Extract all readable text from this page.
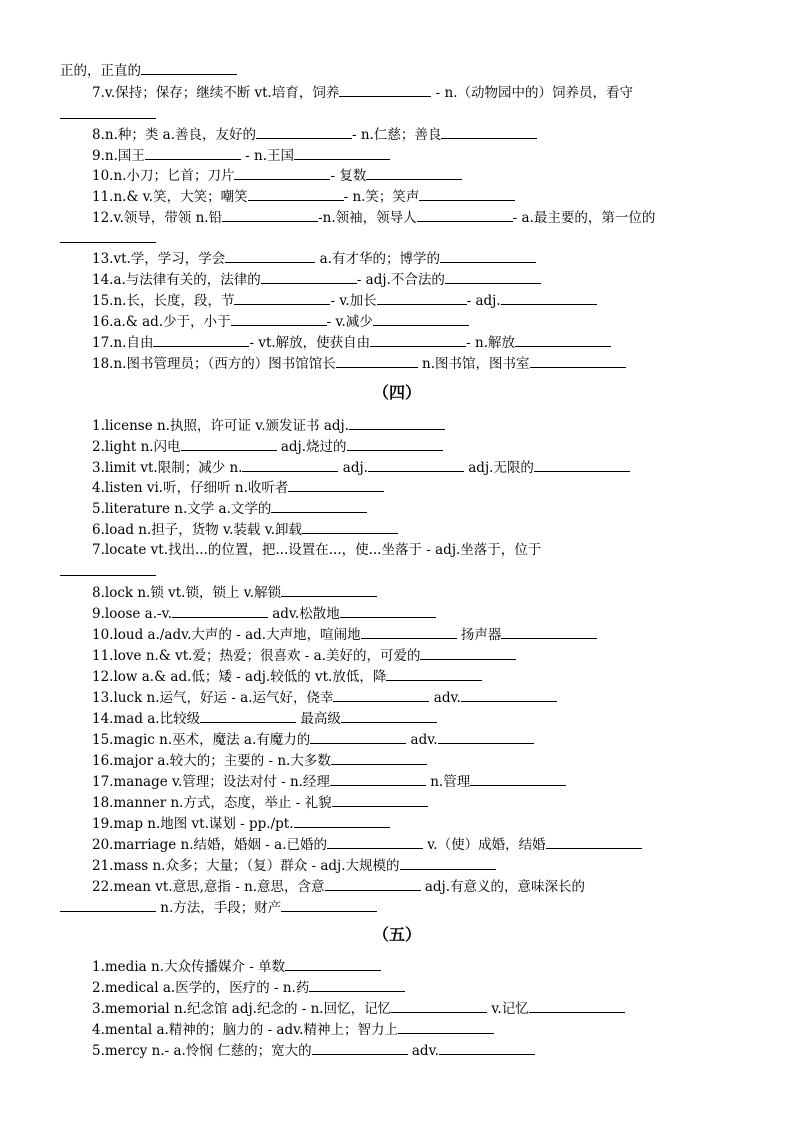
正的，正直的
7.v.保持；保存；继续不断 vt.培育，饲养	- n.（动物园中的）饲养员，看守
8.n.种；类 a.善良，友好的	- n.仁慈；善良
9.n.国王	- n.王国
10.n.小刀；匕首；刀片	- 复数
11.n.& v.笑，大笑；嘲笑	- n.笑；笑声
12.v.领导，带领 n.铅	-n.领袖，领导人	- a.最主要的，第一位的
13.vt.学，学习，学会	a.有才华的；博学的
14.a.与法律有关的，法律的	- adj.不合法的
15.n.长，长度，段，节	- v.加长	- adj.
16.a.& ad.少于，小于	- v.减少
17.n.自由	- vt.解放，使获自由	- n.解放
18.n.图书管理员；（西方的）图书馆馆长	n.图书馆，图书室
（四）
1.license n.执照，许可证 v.颁发证书 adj.
2.light n.闪电	adj.烧过的
3.limit vt.限制；减少 n.	adj.	adj.无限的
4.listen vi.听，仔细听 n.收听者
5.literature n.文学 a.文学的
6.load n.担子，货物 v.装载 v.卸载
7.locate vt.找出...的位置，把...设置在...，使...坐落于 - adj.坐落于，位于
8.lock n.锁 vt.锁，锁上 v.解锁
9.loose a.-v.	adv.松散地
10.loud a./adv.大声的 - ad.大声地，喧闹地	扬声器
11.love n.& vt.爱；热爱；很喜欢 - a.美好的，可爱的
12.low a.& ad.低；矮 - adj.较低的 vt.放低，降
13.luck n.运气，好运 - a.运气好，侥幸	adv.
14.mad a.比较级	最高级
15.magic n.巫术，魔法 a.有魔力的	adv.
16.major a.较大的；主要的 - n.大多数
17.manage v.管理；设法对付 - n.经理	n.管理
18.manner n.方式，态度，举止 - 礼貌
19.map n.地图 vt.谋划 - pp./pt.
20.marriage n.结婚，婚姻 - a.已婚的	v.（使）成婚，结婚
21.mass n.众多；大量；（复）群众 - adj.大规模的
22.mean vt.意思,意指 - n.意思，含意	adj.有意义的，意味深长的
n.方法，手段；财产
（五）
1.media n.大众传播媒介 - 单数
2.medical a.医学的，医疗的 - n.药
3.memorial n.纪念馆 adj.纪念的 - n.回忆，记忆	v.记忆
4.mental a.精神的；脑力的 - adv.精神上；智力上
5.mercy n.- a.怜悯 仁慈的；宽大的	adv.
